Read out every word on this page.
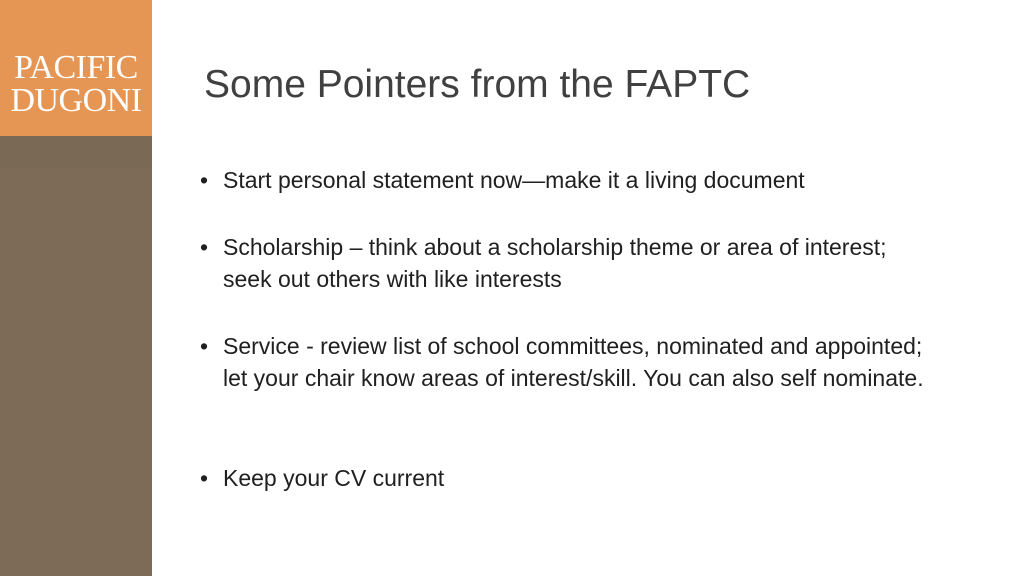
PACIFIC
DUGONI Some Pointers from the FAPTC
• Start personal statement now—make it a living document
• Scholarship – think about a scholarship theme or area of interest; seek out others with like interests
• Service - review list of school committees, nominated and appointed; let your chair know areas of interest/skill. You can also self nominate.
• Keep your CV current
